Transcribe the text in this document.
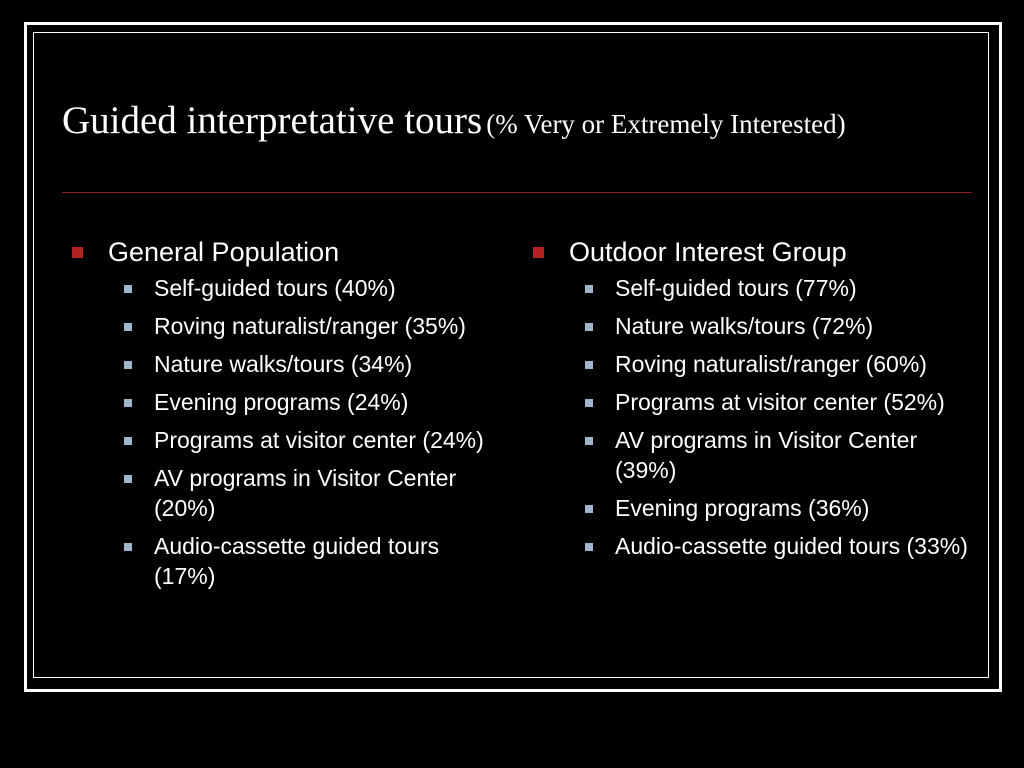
Guided interpretative tours (% Very or Extremely Interested)
General Population
Self-guided tours (40%)
Roving naturalist/ranger (35%)
Nature walks/tours (34%)
Evening programs (24%)
Programs at visitor center (24%)
AV programs in Visitor Center (20%)
Audio-cassette guided tours (17%)
Outdoor Interest Group
Self-guided tours (77%)
Nature walks/tours (72%)
Roving naturalist/ranger (60%)
Programs at visitor center (52%)
AV programs in Visitor Center (39%)
Evening programs (36%)
Audio-cassette guided tours (33%)
